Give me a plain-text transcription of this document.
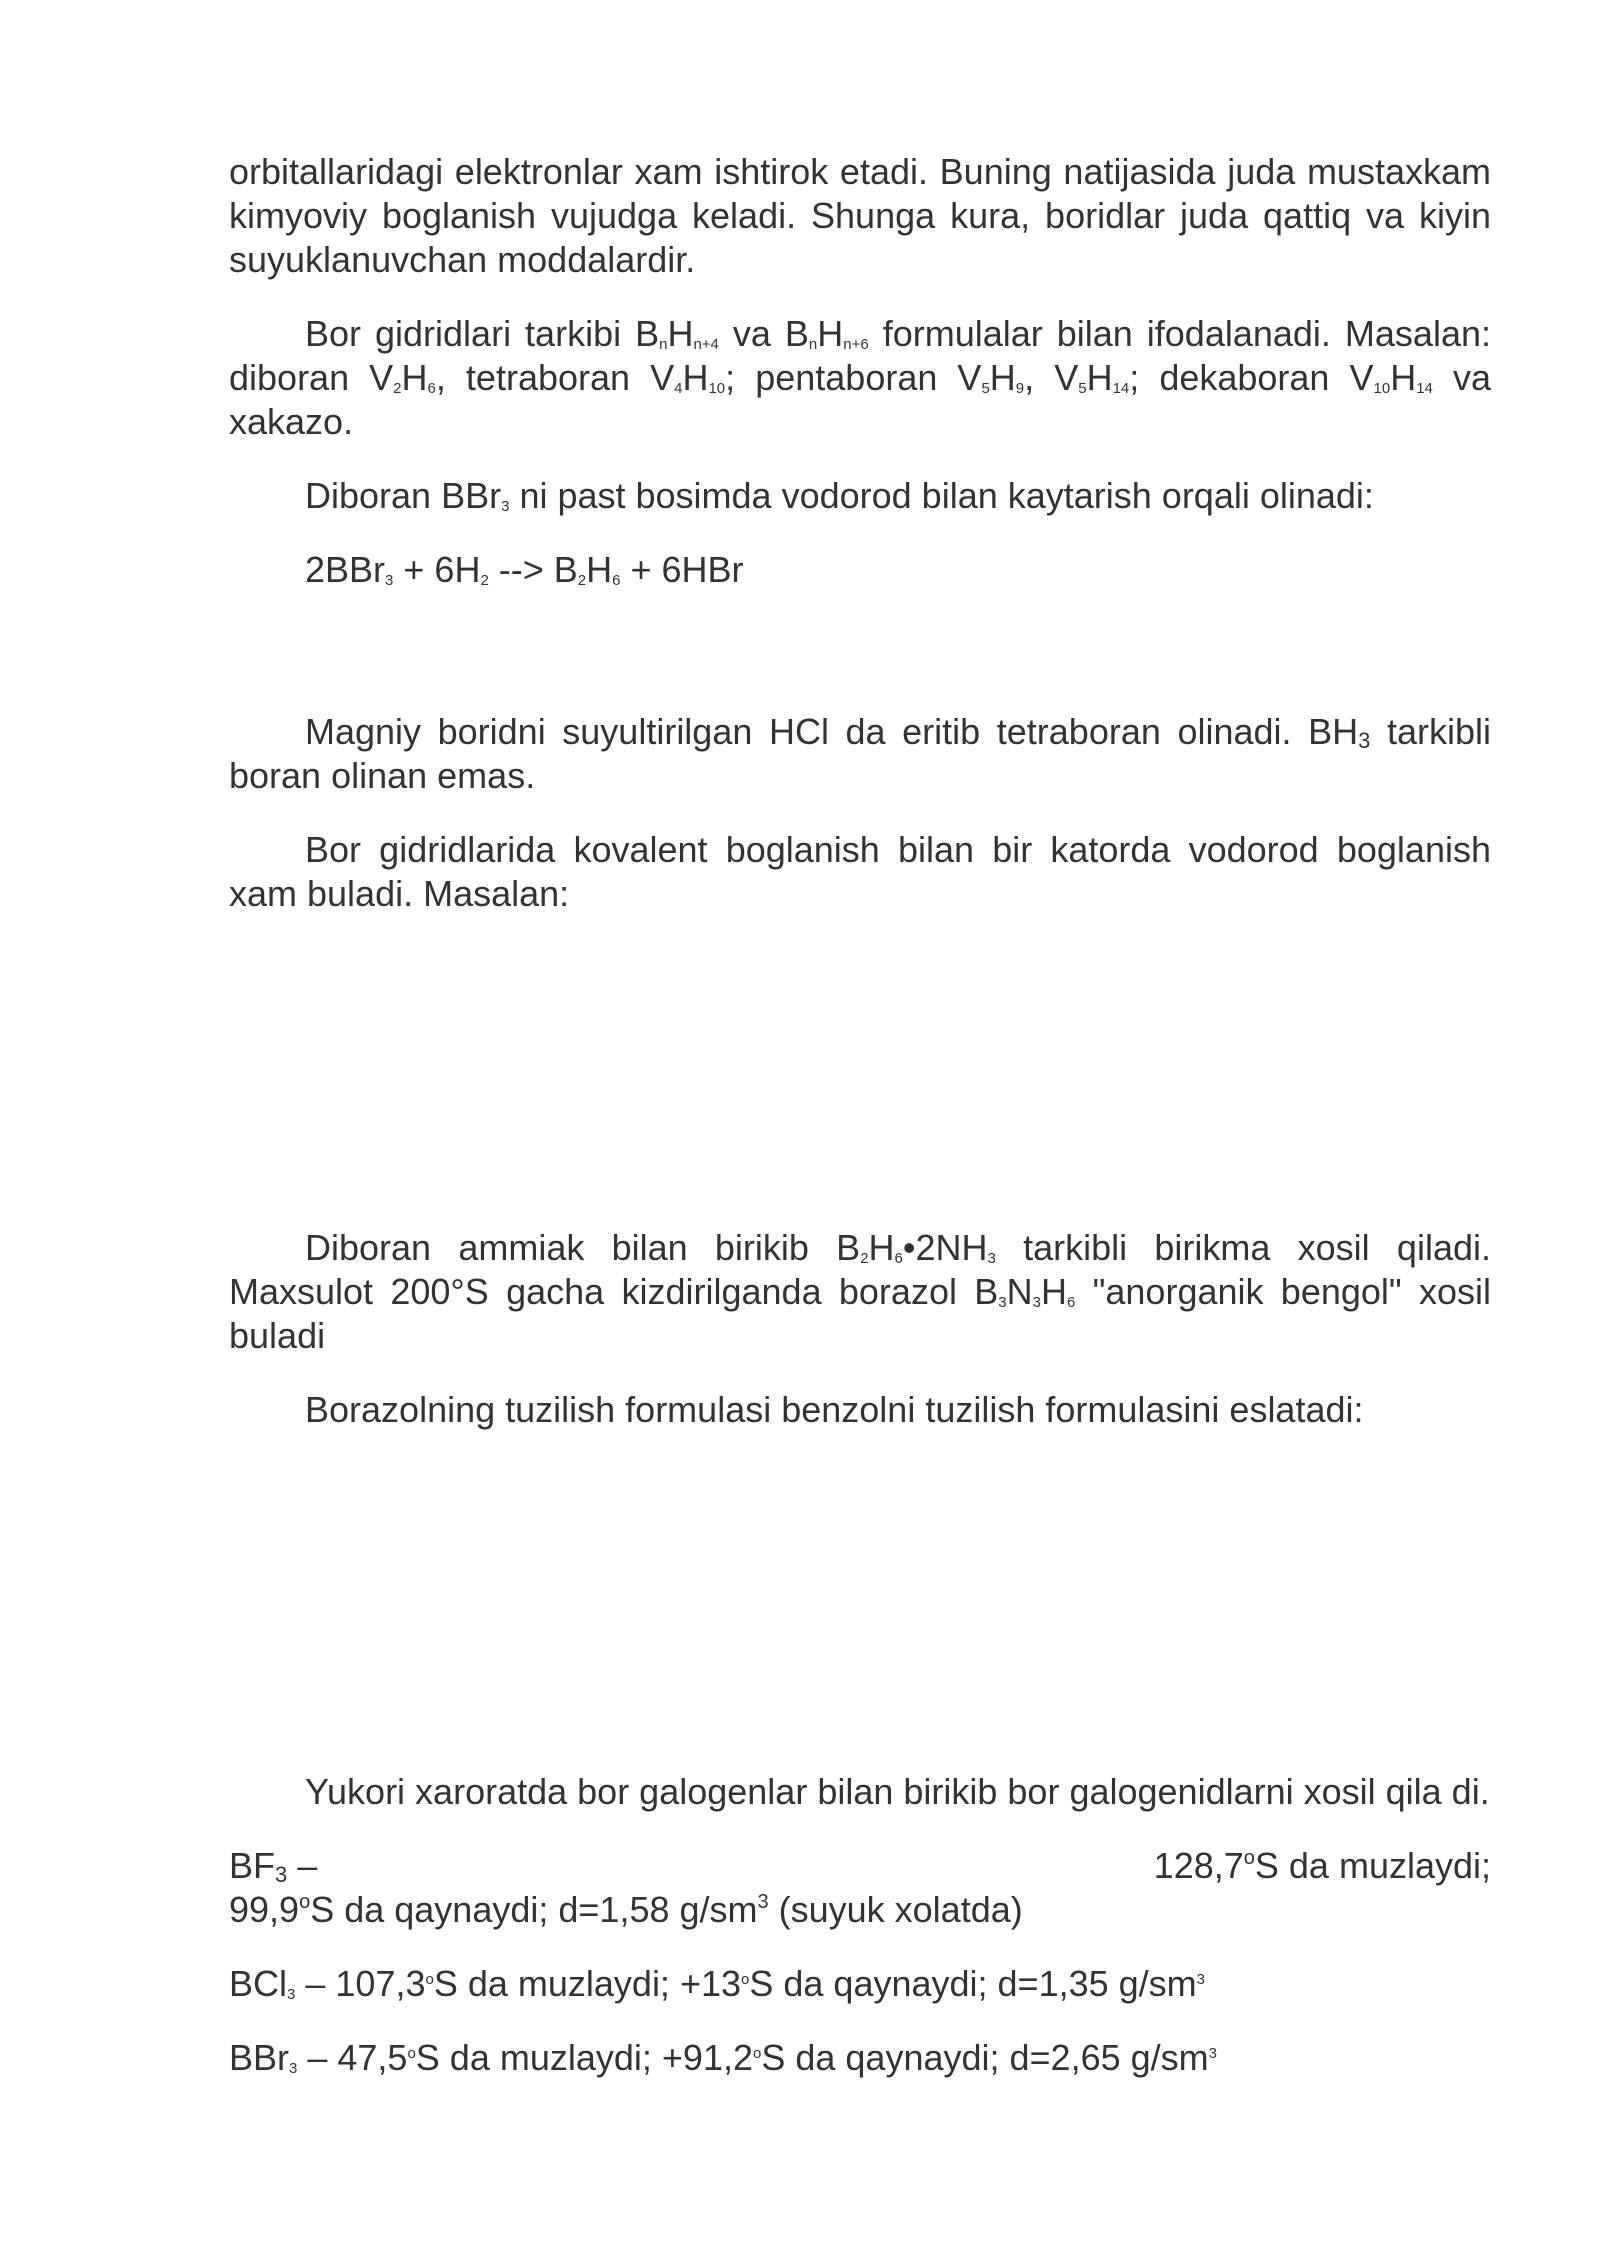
orbitallaridagi elektronlar xam ishtirok etadi. Buning natijasida juda mustaxkam kimyoviy boglanish vujudga keladi. Shunga kura, boridlar juda qattiq va kiyin suyuklanuvchan moddalardir.

Bor gidridlari tarkibi BnHn+4 va BnHn+6 formulalar bilan ifodalanadi. Masalan: diboran V2H6, tetraboran V4H10; pentaboran V5H9, V5H14; dekaboran V10H14 va xakazo.

Diboran BBr3 ni past bosimda vodorod bilan kaytarish orqali olinadi:

2BBr3 + 6H2 --> B2H6 + 6HBr

Magniy boridni suyultirilgan HCl da eritib tetraboran olinadi. BH3 tarkibli boran olinan emas.

Bor gidridlarida kovalent boglanish bilan bir katorda vodorod boglanish xam buladi. Masalan:

Diboran ammiak bilan birikib B2H6•2NH3 tarkibli birikma xosil qiladi. Maxsulot 200°S gacha kizdirilganda borazol B3N3H6 "anorganik bengol" xosil buladi

Borazolning tuzilish formulasi benzolni tuzilish formulasini eslatadi:

Yukori xaroratda bor galogenlar bilan birikib bor galogenidlarni xosil qila di.

BF3 –	128,7$^o$S da muzlaydi;
99,9$^o$S da qaynaydi; d=1,58 $g/sm^3$ (suyuk xolatda)

BCl3 – 107,3$^o$S da muzlaydi; $+13^oS$ da qaynaydi; d=1,35 $g/sm^3$

BBr3 – 47,5$^o$S da muzlaydi; $+91,2^oS$ da qaynaydi; d=2,65 $g/sm^3$
